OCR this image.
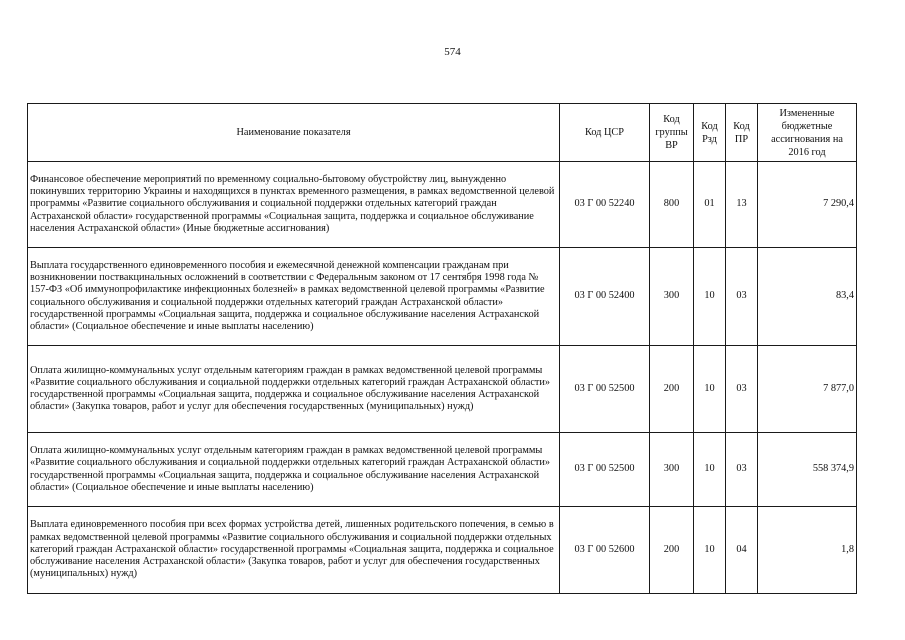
574
Наименование показателя	Код ЦСР	Код группы ВР	Код Рзд	Код ПР	Измененные бюджетные ассигнования на 2016 год
Финансовое обеспечение мероприятий по временному социально-бытовому обустройству лиц, вынужденно покинувших территорию Украины и находящихся в пунктах временного размещения, в рамках ведомственной целевой программы «Развитие социального обслуживания и социальной поддержки отдельных категорий граждан Астраханской области» государственной программы «Социальная защита, поддержка и социальное обслуживание населения Астраханской области» (Иные бюджетные ассигнования)	03 Г 00 52240	800	01	13	7 290,4
Выплата государственного единовременного пособия и ежемесячной денежной компенсации гражданам при возникновении поствакцинальных осложнений в соответствии с Федеральным законом от 17 сентября 1998 года № 157-ФЗ «Об иммунопрофилактике инфекционных болезней» в рамках ведомственной целевой программы «Развитие социального обслуживания и социальной поддержки отдельных категорий граждан Астраханской области» государственной программы «Социальная защита, поддержка и социальное обслуживание населения Астраханской области» (Социальное обеспечение и иные выплаты населению)	03 Г 00 52400	300	10	03	83,4
Оплата жилищно-коммунальных услуг отдельным категориям граждан в рамках ведомственной целевой программы «Развитие социального обслуживания и социальной поддержки отдельных категорий граждан Астраханской области» государственной программы «Социальная защита, поддержка и социальное обслуживание населения Астраханской области» (Закупка товаров, работ и услуг для обеспечения государственных (муниципальных) нужд)	03 Г 00 52500	200	10	03	7 877,0
Оплата жилищно-коммунальных услуг отдельным категориям граждан в рамках ведомственной целевой программы «Развитие социального обслуживания и социальной поддержки отдельных категорий граждан Астраханской области» государственной программы «Социальная защита, поддержка и социальное обслуживание населения Астраханской области» (Социальное обеспечение и иные выплаты населению)	03 Г 00 52500	300	10	03	558 374,9
Выплата единовременного пособия при всех формах устройства детей, лишенных родительского попечения, в семью в рамках ведомственной целевой программы «Развитие социального обслуживания и социальной поддержки отдельных категорий граждан Астраханской области» государственной программы «Социальная защита, поддержка и социальное обслуживание населения Астраханской области» (Закупка товаров, работ и услуг для обеспечения государственных (муниципальных) нужд)	03 Г 00 52600	200	10	04	1,8
